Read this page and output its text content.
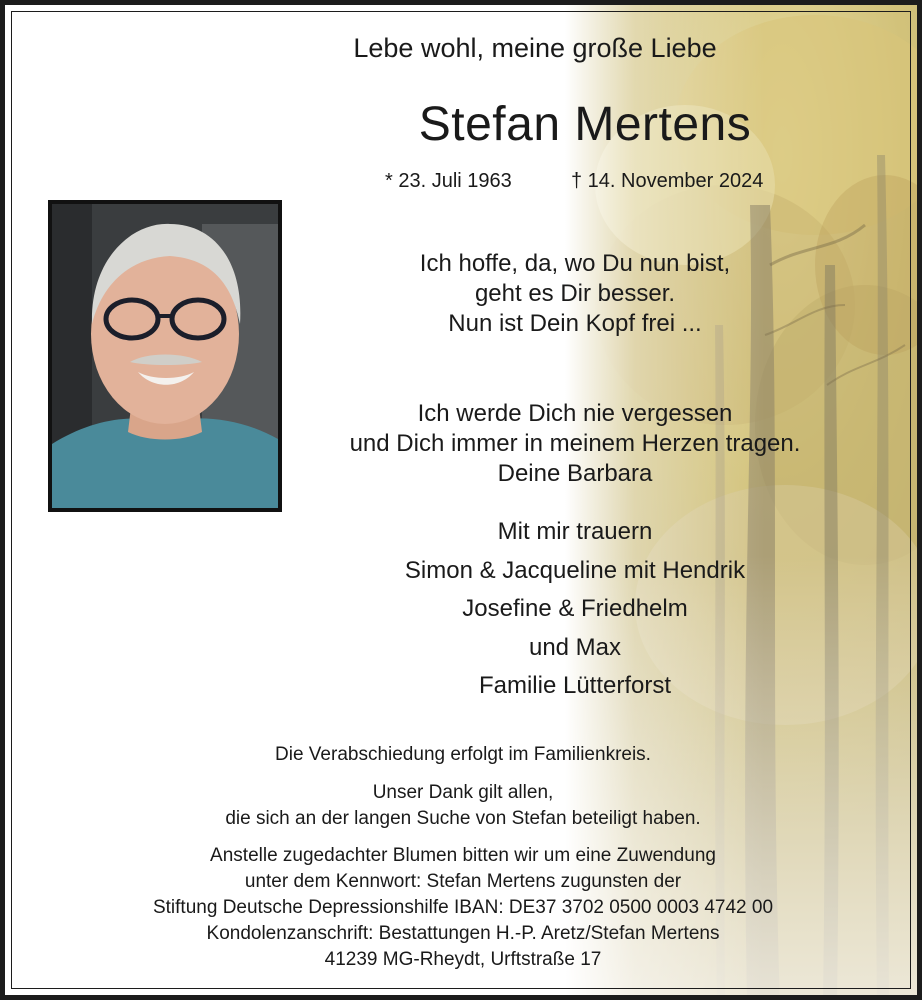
Lebe wohl, meine große Liebe
Stefan Mertens
* 23. Juli 1963	† 14. November 2024
Ich hoffe, da, wo Du nun bist,
geht es Dir besser.
Nun ist Dein Kopf frei ...
Ich werde Dich nie vergessen
und Dich immer in meinem Herzen tragen.
Deine Barbara
Mit mir trauern
Simon & Jacqueline mit Hendrik
Josefine & Friedhelm
und Max
Familie Lütterforst
Die Verabschiedung erfolgt im Familienkreis.
Unser Dank gilt allen,
die sich an der langen Suche von Stefan beteiligt haben.
Anstelle zugedachter Blumen bitten wir um eine Zuwendung
unter dem Kennwort: Stefan Mertens zugunsten der
Stiftung Deutsche Depressionshilfe IBAN: DE37 3702 0500 0003 4742 00
Kondolenzanschrift: Bestattungen H.-P. Aretz/Stefan Mertens
41239 MG-Rheydt, Urftstraße 17
